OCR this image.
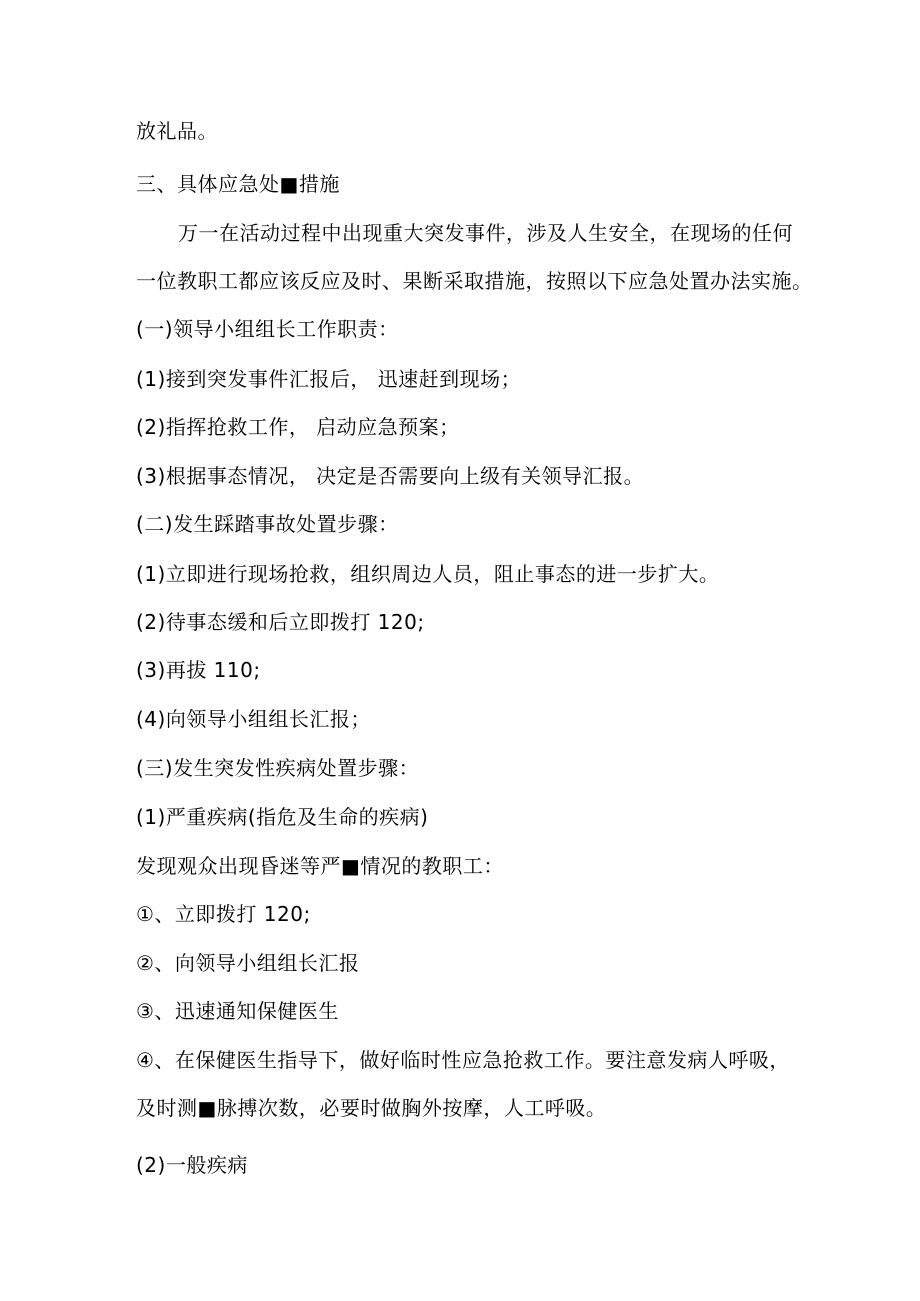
放礼品。
三、具体应急处■措施
万一在活动过程中出现重大突发事件，涉及人生安全，在现场的任何
一位教职工都应该反应及时、果断采取措施，按照以下应急处置办法实施。
(一)领导小组组长工作职责：
(1)接到突发事件汇报后， 迅速赶到现场；
(2)指挥抢救工作， 启动应急预案；
(3)根据事态情况， 决定是否需要向上级有关领导汇报。
(二)发生踩踏事故处置步骤：
(1)立即进行现场抢救，组织周边人员，阻止事态的进一步扩大。
(2)待事态缓和后立即拨打 120;
(3)再拔 110;
(4)向领导小组组长汇报；
(三)发生突发性疾病处置步骤：
(1)严重疾病(指危及生命的疾病)
发现观众出现昏迷等严■情况的教职工：
①、立即拨打 120;
②、向领导小组组长汇报
③、迅速通知保健医生
④、在保健医生指导下，做好临时性应急抢救工作。要注意发病人呼吸，
及时测■脉搏次数，必要时做胸外按摩，人工呼吸。
(2)一般疾病
